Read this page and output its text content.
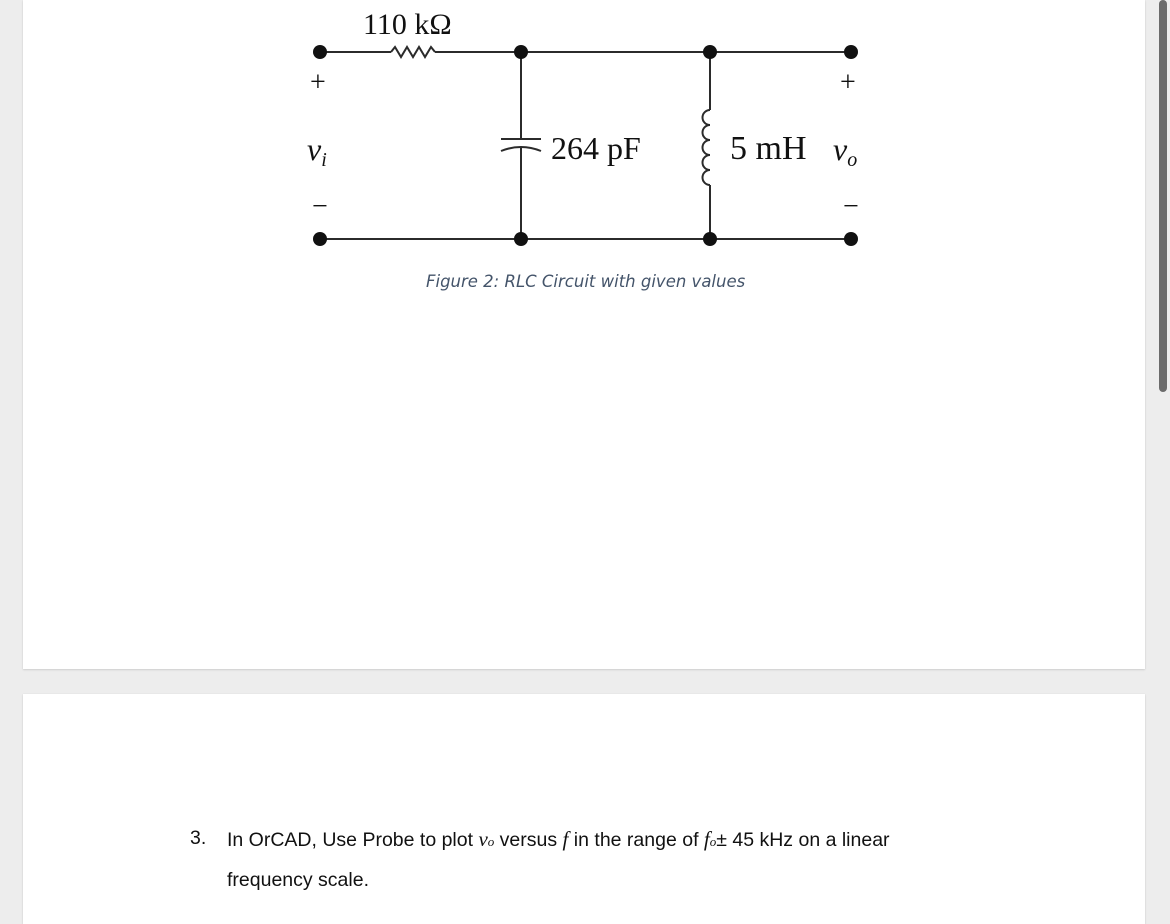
110 kΩ
264 pF	5 mH
+
−
vi
+
−
vo
Figure 2: RLC Circuit with given values
3. In OrCAD, Use Probe to plot vo versus f in the range of fo± 45 kHz on a linear
frequency scale.
